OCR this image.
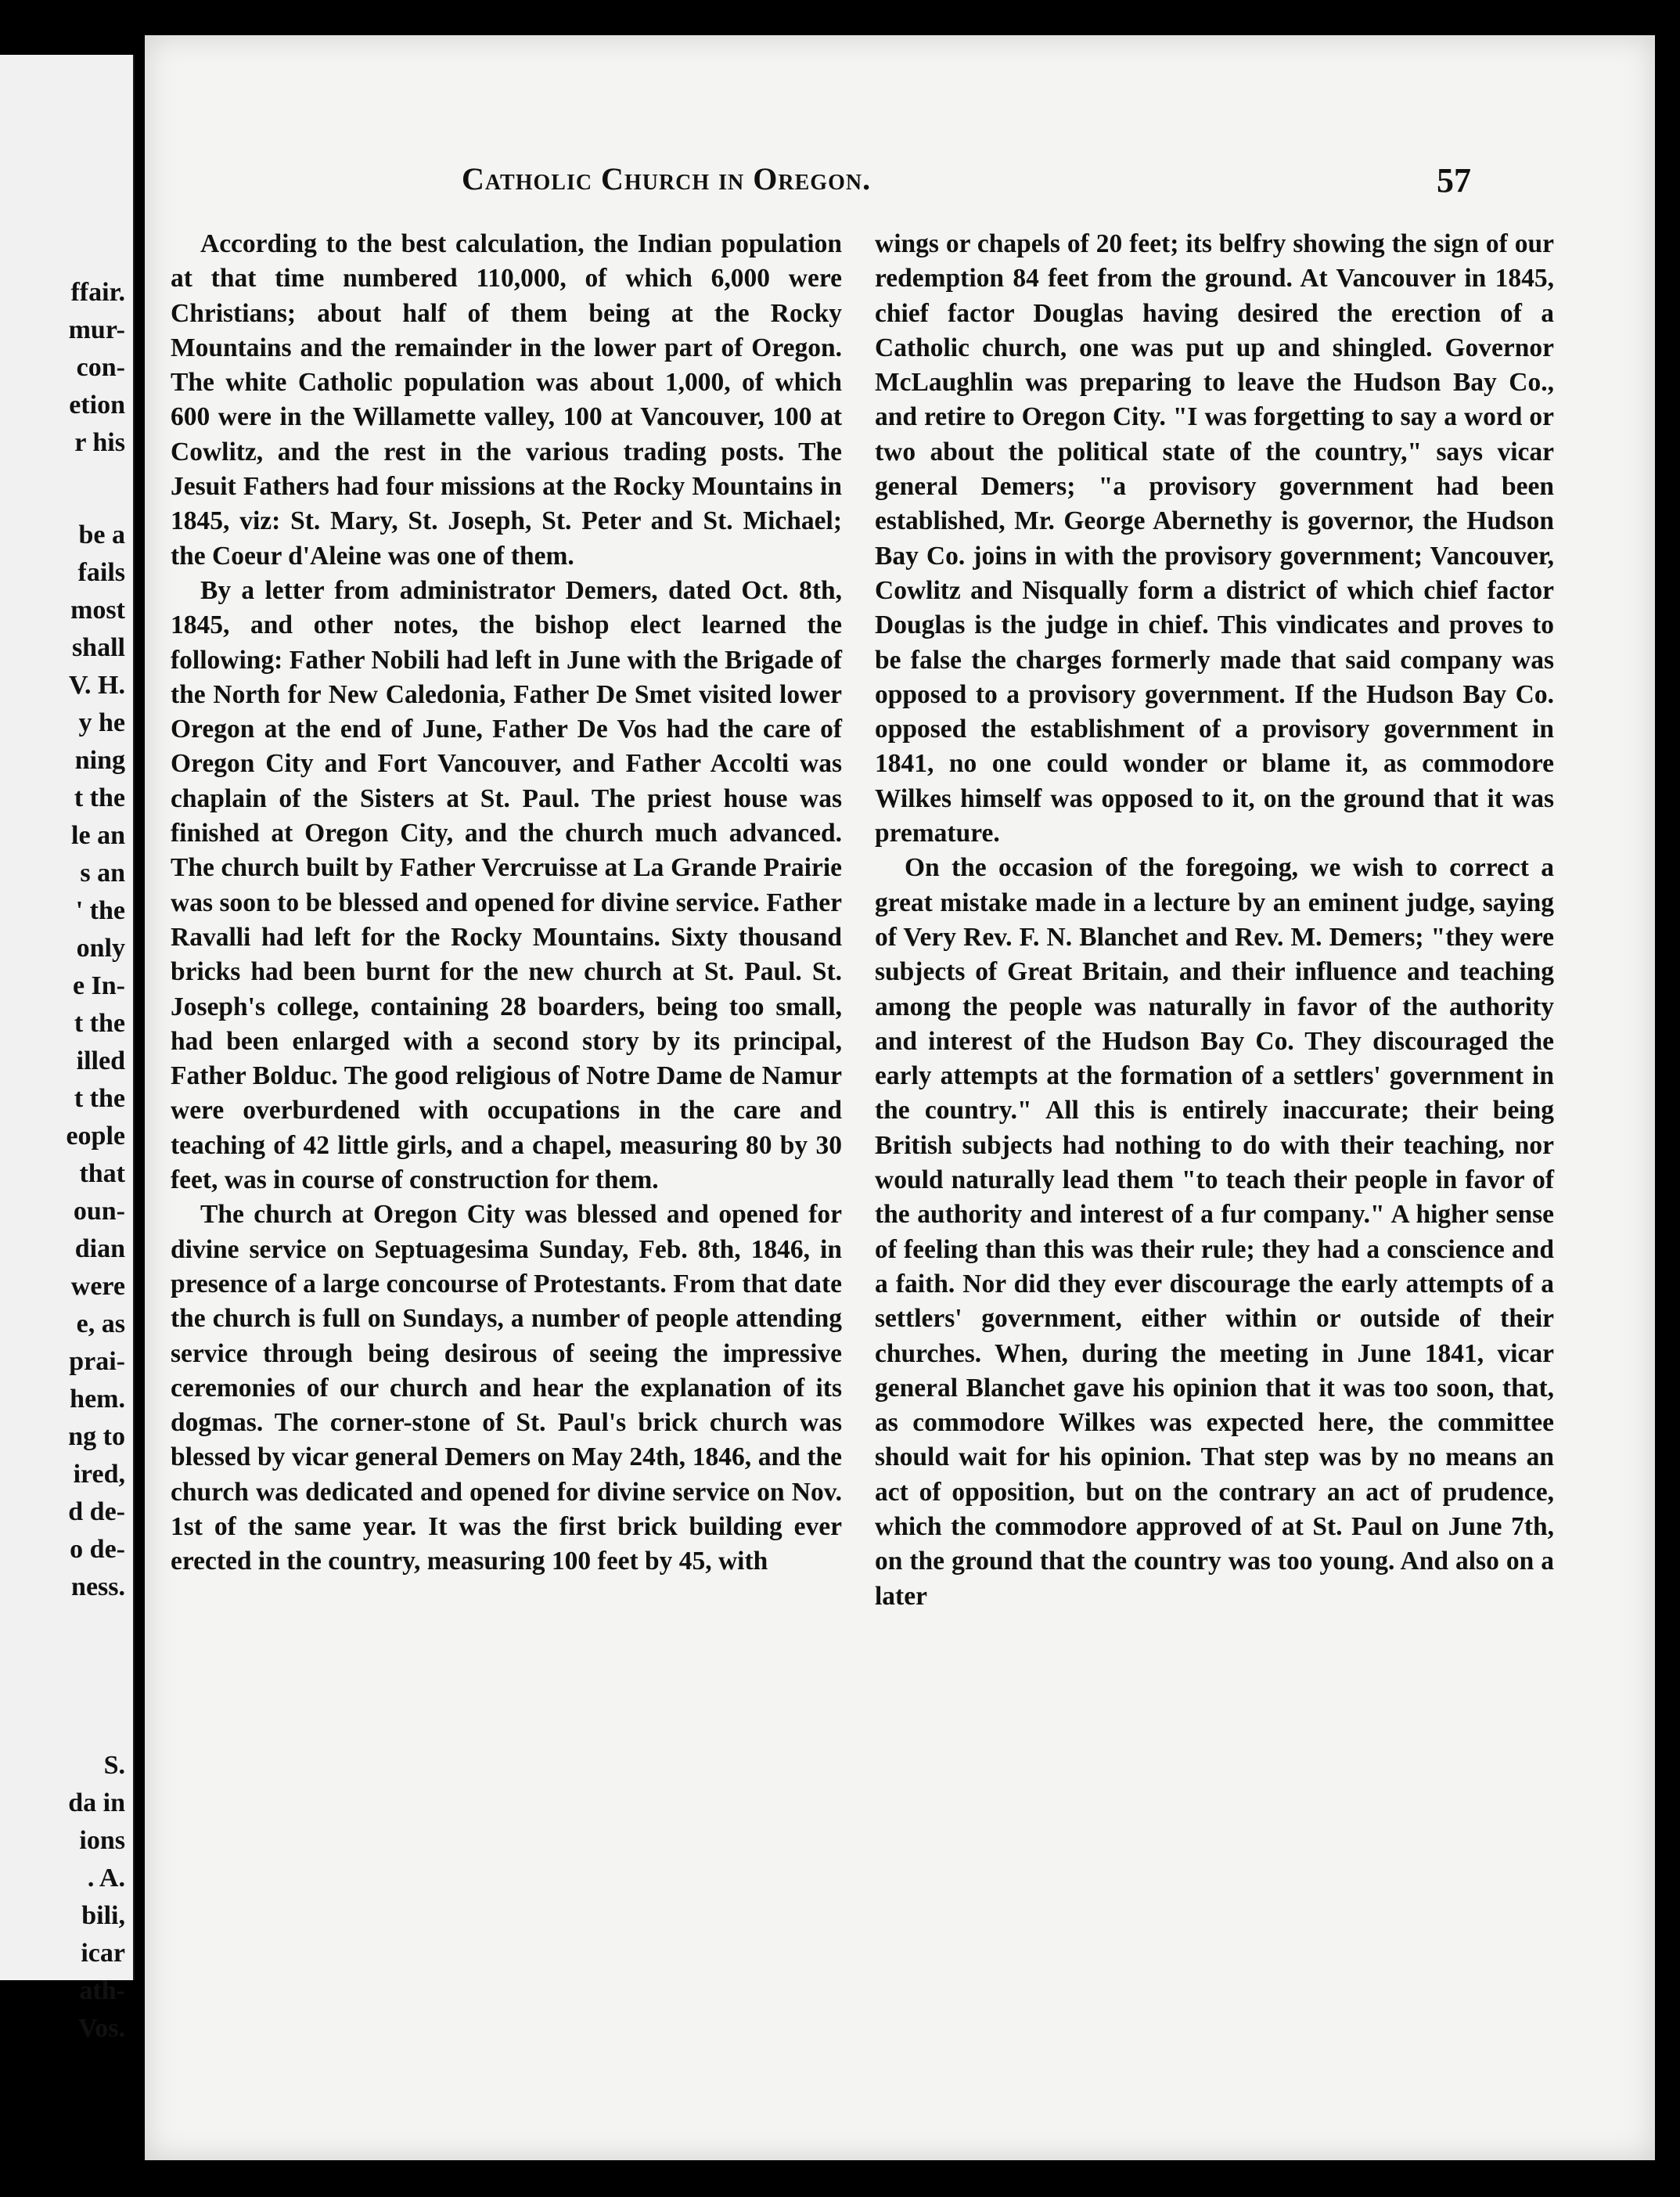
ffair.
mur-
con-
etion
r his
be a
fails
most
shall
V. H.
y he
ning
t the
le an
s an
' the
only
e In-
t the
illed
t the
eople
that
oun-
dian
were
e, as
prai-
hem.
ng to
ired,
d de-
o de-
ness.
S.
da in
ions
. A.
bili,
icar
ath-
Vos.
Catholic Church in Oregon.	57

According to the best calculation, the Indian population at that time numbered 110,000, of which 6,000 were Christians; about half of them being at the Rocky Mountains and the remainder in the lower part of Oregon. The white Catholic population was about 1,000, of which 600 were in the Willamette valley, 100 at Vancouver, 100 at Cowlitz, and the rest in the various trading posts. The Jesuit Fathers had four missions at the Rocky Mountains in 1845, viz: St. Mary, St. Joseph, St. Peter and St. Michael; the Coeur d'Aleine was one of them.

By a letter from administrator Demers, dated Oct. 8th, 1845, and other notes, the bishop elect learned the following: Father Nobili had left in June with the Brigade of the North for New Caledonia, Father De Smet visited lower Oregon at the end of June, Father De Vos had the care of Oregon City and Fort Vancouver, and Father Accolti was chaplain of the Sisters at St. Paul. The priest house was finished at Oregon City, and the church much advanced. The church built by Father Vercruisse at La Grande Prairie was soon to be blessed and opened for divine service. Father Ravalli had left for the Rocky Mountains. Sixty thousand bricks had been burnt for the new church at St. Paul. St. Joseph's college, containing 28 boarders, being too small, had been enlarged with a second story by its principal, Father Bolduc. The good religious of Notre Dame de Namur were overburdened with occupations in the care and teaching of 42 little girls, and a chapel, measuring 80 by 30 feet, was in course of construction for them.

The church at Oregon City was blessed and opened for divine service on Septuagesima Sunday, Feb. 8th, 1846, in presence of a large concourse of Protestants. From that date the church is full on Sundays, a number of people attending service through being desirous of seeing the impressive ceremonies of our church and hear the explanation of its dogmas. The corner-stone of St. Paul's brick church was blessed by vicar general Demers on May 24th, 1846, and the church was dedicated and opened for divine service on Nov. 1st of the same year. It was the first brick building ever erected in the country, measuring 100 feet by 45, with

wings or chapels of 20 feet; its belfry showing the sign of our redemption 84 feet from the ground. At Vancouver in 1845, chief factor Douglas having desired the erection of a Catholic church, one was put up and shingled. Governor McLaughlin was preparing to leave the Hudson Bay Co., and retire to Oregon City. "I was forgetting to say a word or two about the political state of the country," says vicar general Demers; "a provisory government had been established, Mr. George Abernethy is governor, the Hudson Bay Co. joins in with the provisory government; Vancouver, Cowlitz and Nisqually form a district of which chief factor Douglas is the judge in chief. This vindicates and proves to be false the charges formerly made that said company was opposed to a provisory government. If the Hudson Bay Co. opposed the establishment of a provisory government in 1841, no one could wonder or blame it, as commodore Wilkes himself was opposed to it, on the ground that it was premature.

On the occasion of the foregoing, we wish to correct a great mistake made in a lecture by an eminent judge, saying of Very Rev. F. N. Blanchet and Rev. M. Demers; "they were subjects of Great Britain, and their influence and teaching among the people was naturally in favor of the authority and interest of the Hudson Bay Co. They discouraged the early attempts at the formation of a settlers' government in the country." All this is entirely inaccurate; their being British subjects had nothing to do with their teaching, nor would naturally lead them "to teach their people in favor of the authority and interest of a fur company." A higher sense of feeling than this was their rule; they had a conscience and a faith. Nor did they ever discourage the early attempts of a settlers' government, either within or outside of their churches. When, during the meeting in June 1841, vicar general Blanchet gave his opinion that it was too soon, that, as commodore Wilkes was expected here, the committee should wait for his opinion. That step was by no means an act of opposition, but on the contrary an act of prudence, which the commodore approved of at St. Paul on June 7th, on the ground that the country was too young. And also on a later
